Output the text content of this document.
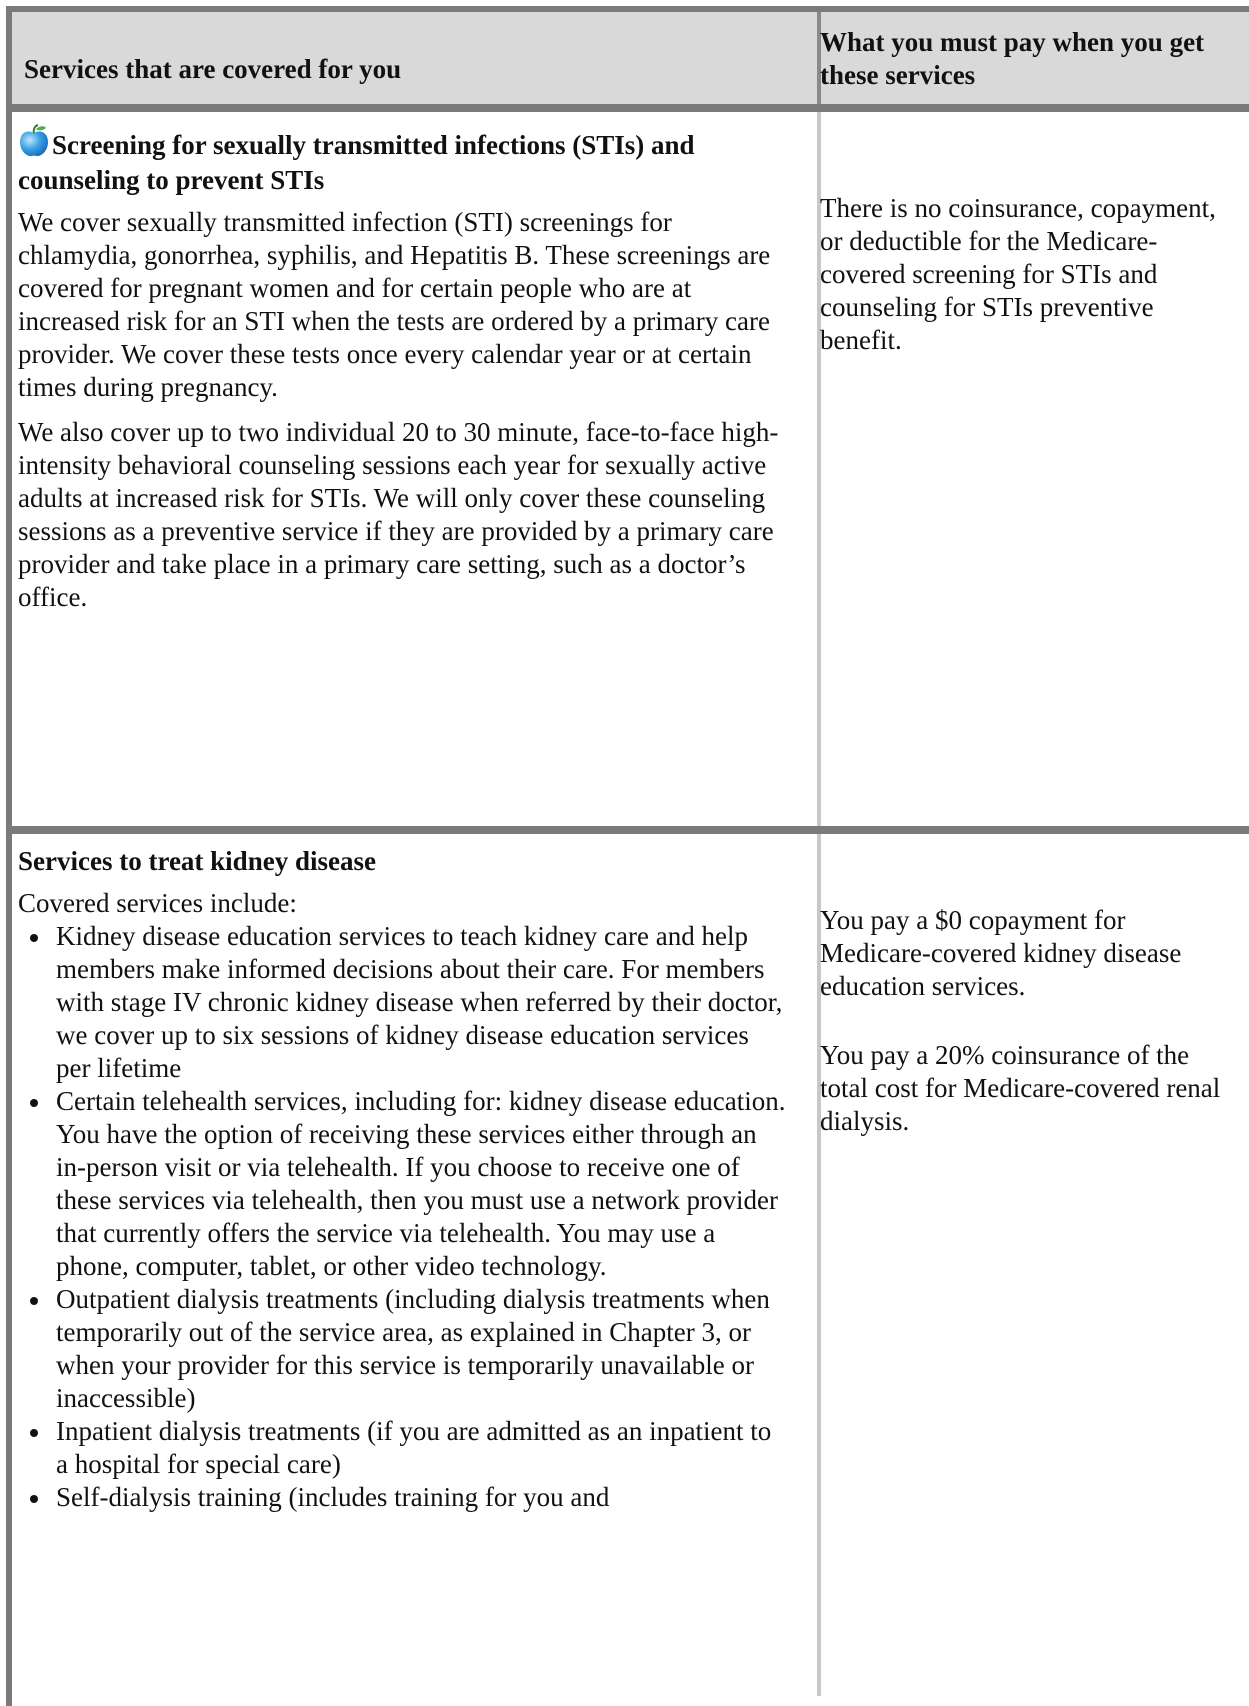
Services that are covered for you
What you must pay when you get these services
Screening for sexually transmitted infections (STIs) and counseling to prevent STIs

We cover sexually transmitted infection (STI) screenings for chlamydia, gonorrhea, syphilis, and Hepatitis B. These screenings are covered for pregnant women and for certain people who are at increased risk for an STI when the tests are ordered by a primary care provider. We cover these tests once every calendar year or at certain times during pregnancy.

We also cover up to two individual 20 to 30 minute, face-to-face high-intensity behavioral counseling sessions each year for sexually active adults at increased risk for STIs. We will only cover these counseling sessions as a preventive service if they are provided by a primary care provider and take place in a primary care setting, such as a doctor’s office.

There is no coinsurance, copayment, or deductible for the Medicare-covered screening for STIs and counseling for STIs preventive benefit.

Services to treat kidney disease
Covered services include:
Kidney disease education services to teach kidney care and help members make informed decisions about their care. For members with stage IV chronic kidney disease when referred by their doctor, we cover up to six sessions of kidney disease education services per lifetime
Certain telehealth services, including for: kidney disease education. You have the option of receiving these services either through an in-person visit or via telehealth. If you choose to receive one of these services via telehealth, then you must use a network provider that currently offers the service via telehealth. You may use a phone, computer, tablet, or other video technology.
Outpatient dialysis treatments (including dialysis treatments when temporarily out of the service area, as explained in Chapter 3, or when your provider for this service is temporarily unavailable or inaccessible)
Inpatient dialysis treatments (if you are admitted as an inpatient to a hospital for special care)
Self-dialysis training (includes training for you and

You pay a $0 copayment for Medicare-covered kidney disease education services.

You pay a 20% coinsurance of the total cost for Medicare-covered renal dialysis.
